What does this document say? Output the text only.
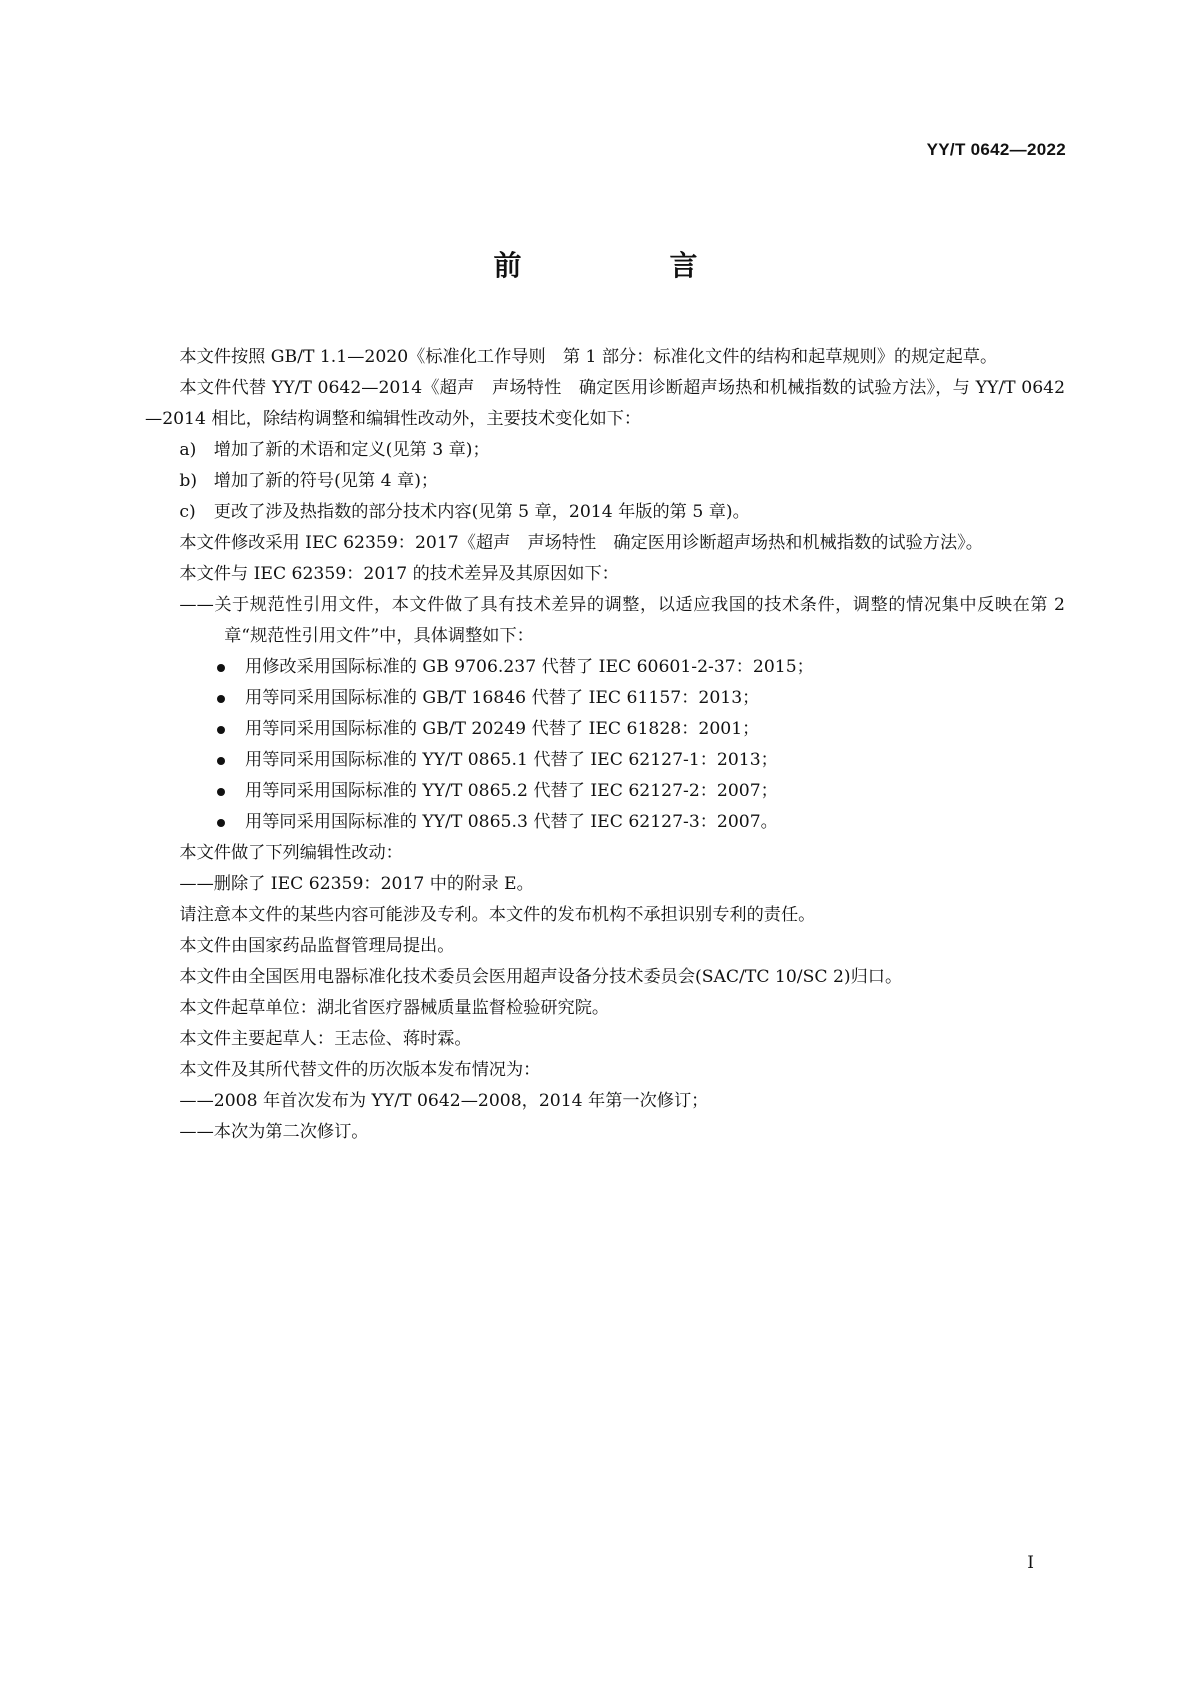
YY/T 0642—2022
前　言

本文件按照 GB/T 1.1—2020《标准化工作导则　第 1 部分：标准化文件的结构和起草规则》的规定起草。

本文件代替 YY/T 0642—2014《超声　声场特性　确定医用诊断超声场热和机械指数的试验方法》，与 YY/T 0642—2014 相比，除结构调整和编辑性改动外，主要技术变化如下：

a) 增加了新的术语和定义(见第 3 章)；

b) 增加了新的符号(见第 4 章)；

c) 更改了涉及热指数的部分技术内容(见第 5 章，2014 年版的第 5 章)。

本文件修改采用 IEC 62359：2017《超声　声场特性　确定医用诊断超声场热和机械指数的试验方法》。

本文件与 IEC 62359：2017 的技术差异及其原因如下：

——关于规范性引用文件，本文件做了具有技术差异的调整，以适应我国的技术条件，调整的情况集中反映在第 2 章“规范性引用文件”中，具体调整如下：

用修改采用国际标准的 GB 9706.237 代替了 IEC 60601-2-37：2015；
用等同采用国际标准的 GB/T 16846 代替了 IEC 61157：2013；
用等同采用国际标准的 GB/T 20249 代替了 IEC 61828：2001；
用等同采用国际标准的 YY/T 0865.1 代替了 IEC 62127-1：2013；
用等同采用国际标准的 YY/T 0865.2 代替了 IEC 62127-2：2007；
用等同采用国际标准的 YY/T 0865.3 代替了 IEC 62127-3：2007。

本文件做了下列编辑性改动：

——删除了 IEC 62359：2017 中的附录 E。

请注意本文件的某些内容可能涉及专利。本文件的发布机构不承担识别专利的责任。

本文件由国家药品监督管理局提出。

本文件由全国医用电器标准化技术委员会医用超声设备分技术委员会(SAC/TC 10/SC 2)归口。

本文件起草单位：湖北省医疗器械质量监督检验研究院。

本文件主要起草人：王志俭、蒋时霖。

本文件及其所代替文件的历次版本发布情况为：

——2008 年首次发布为 YY/T 0642—2008，2014 年第一次修订；

——本次为第二次修订。

I
